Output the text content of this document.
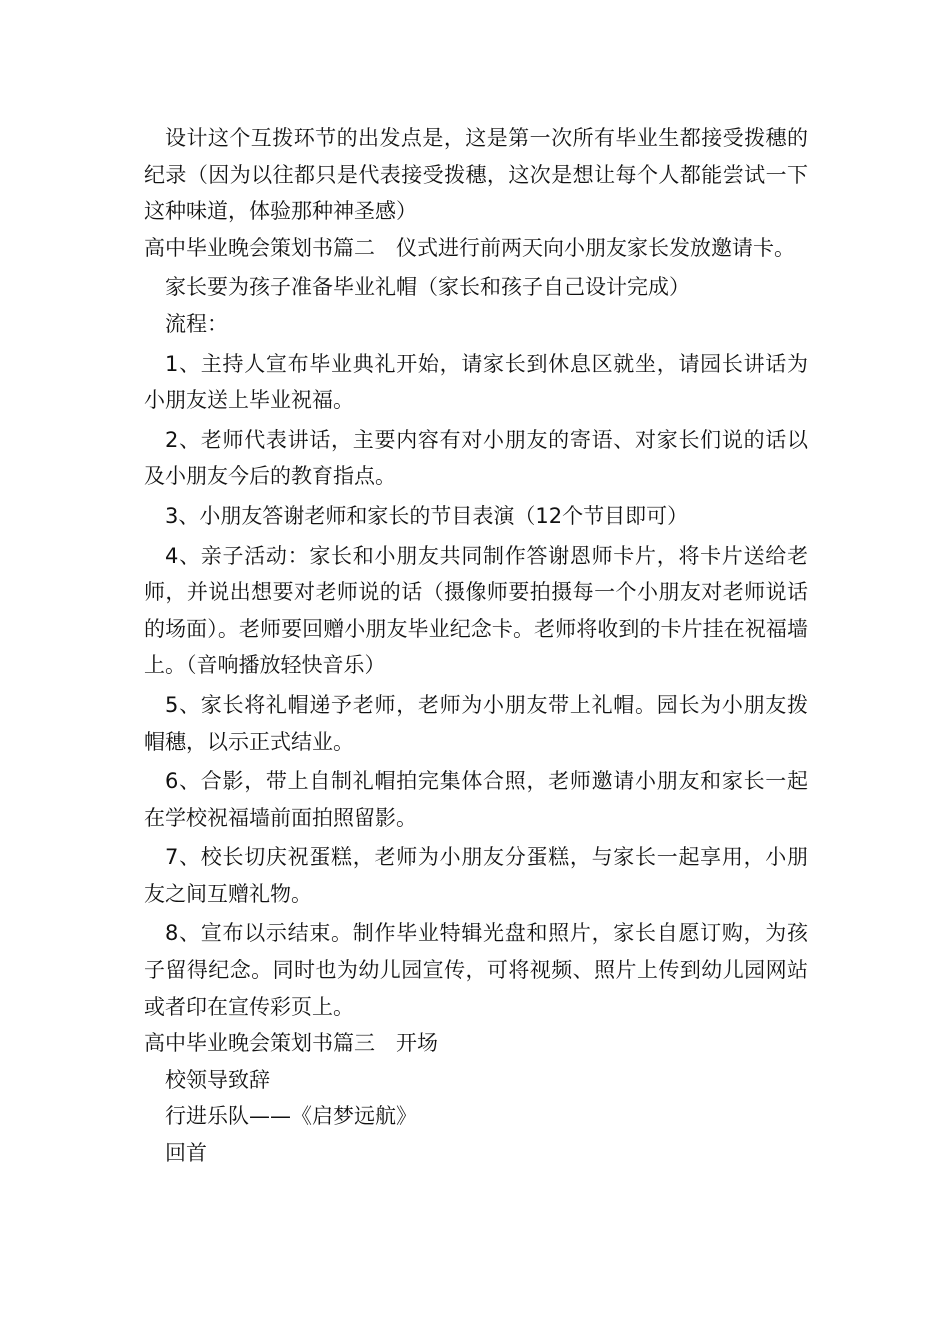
设计这个互拨环节的出发点是，这是第一次所有毕业生都接受拨穗的纪录（因为以往都只是代表接受拨穗，这次是想让每个人都能尝试一下这种味道，体验那种神圣感）

高中毕业晚会策划书篇二　仪式进行前两天向小朋友家长发放邀请卡。

家长要为孩子准备毕业礼帽（家长和孩子自己设计完成）

流程：

1、主持人宣布毕业典礼开始，请家长到休息区就坐，请园长讲话为小朋友送上毕业祝福。

2、老师代表讲话，主要内容有对小朋友的寄语、对家长们说的话以及小朋友今后的教育指点。

3、小朋友答谢老师和家长的节目表演（12个节目即可）

4、亲子活动：家长和小朋友共同制作答谢恩师卡片，将卡片送给老师，并说出想要对老师说的话（摄像师要拍摄每一个小朋友对老师说话的场面）。老师要回赠小朋友毕业纪念卡。老师将收到的卡片挂在祝福墙上。（音响播放轻快音乐）

5、家长将礼帽递予老师，老师为小朋友带上礼帽。园长为小朋友拨帽穗，以示正式结业。

6、合影，带上自制礼帽拍完集体合照，老师邀请小朋友和家长一起在学校祝福墙前面拍照留影。

7、校长切庆祝蛋糕，老师为小朋友分蛋糕，与家长一起享用，小朋友之间互赠礼物。

8、宣布以示结束。制作毕业特辑光盘和照片，家长自愿订购，为孩子留得纪念。同时也为幼儿园宣传，可将视频、照片上传到幼儿园网站或者印在宣传彩页上。

高中毕业晚会策划书篇三　开场

校领导致辞

行进乐队——《启梦远航》

回首
